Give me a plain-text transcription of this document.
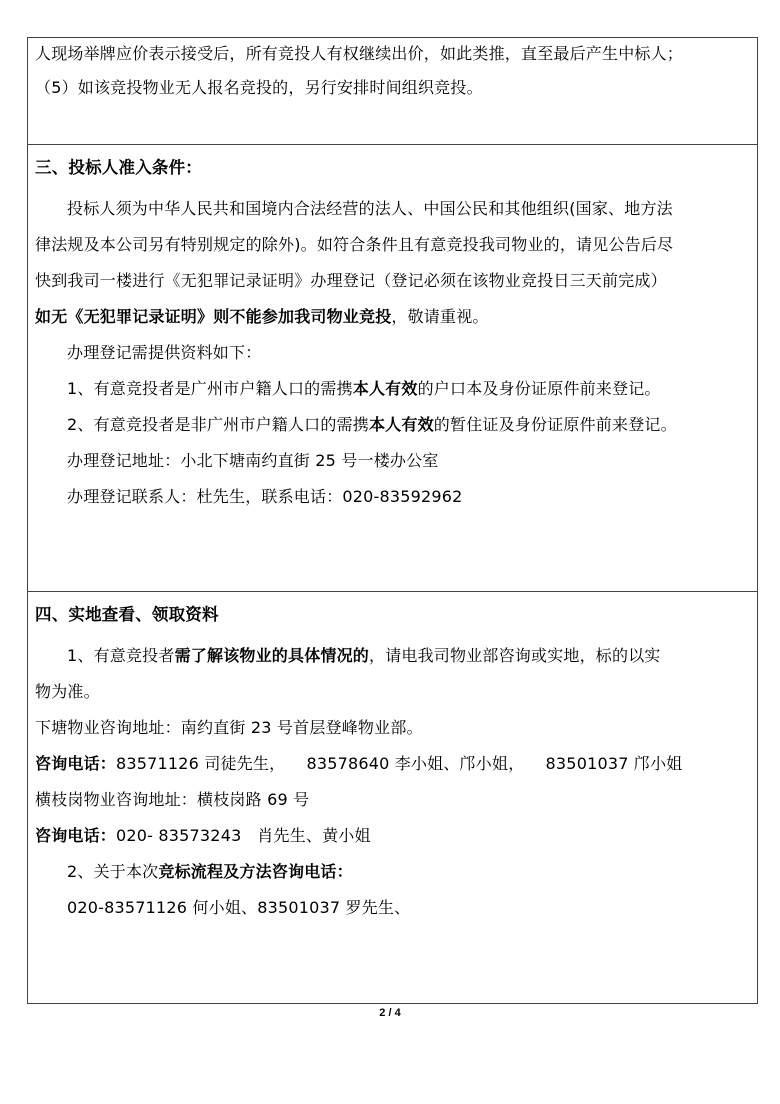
人现场举牌应价表示接受后，所有竞投人有权继续出价，如此类推，直至最后产生中标人；
（5）如该竞投物业无人报名竞投的，另行安排时间组织竞投。
三、投标人准入条件：
投标人须为中华人民共和国境内合法经营的法人、中国公民和其他组织(国家、地方法
律法规及本公司另有特别规定的除外)。如符合条件且有意竞投我司物业的，请见公告后尽
快到我司一楼进行《无犯罪记录证明》办理登记（登记必须在该物业竞投日三天前完成）
如无《无犯罪记录证明》则不能参加我司物业竞投，敬请重视。
办理登记需提供资料如下：
1、有意竞投者是广州市户籍人口的需携本人有效的户口本及身份证原件前来登记。
2、有意竞投者是非广州市户籍人口的需携本人有效的暂住证及身份证原件前来登记。
办理登记地址：小北下塘南约直街 25 号一楼办公室
办理登记联系人：杜先生，联系电话：020-83592962
四、实地查看、领取资料
1、有意竞投者需了解该物业的具体情况的，请电我司物业部咨询或实地，标的以实
物为准。
下塘物业咨询地址：南约直街 23 号首层登峰物业部。
咨询电话：83571126 司徒先生，    83578640 李小姐、邝小姐，    83501037 邝小姐
横枝岗物业咨询地址：横枝岗路 69 号
咨询电话：020- 83573243   肖先生、黄小姐
2、关于本次竞标流程及方法咨询电话：
020-83571126 何小姐、83501037 罗先生、
2 / 4
